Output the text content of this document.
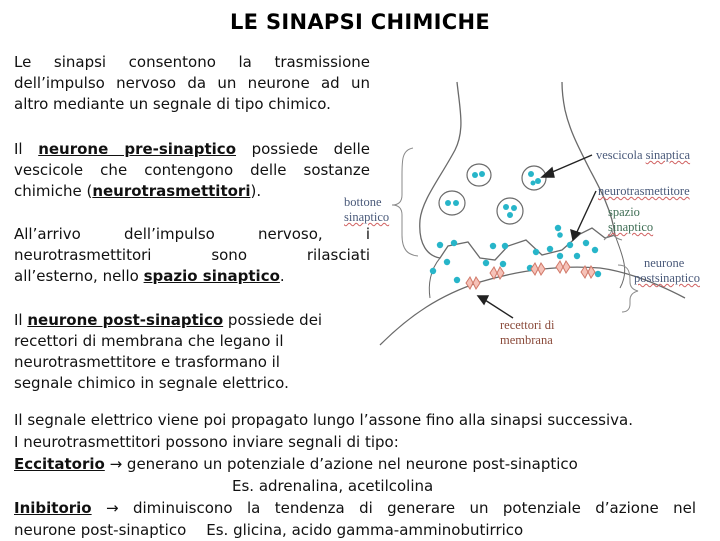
LE SINAPSI CHIMICHE
Le sinapsi consentono la trasmissione
dell’impulso nervoso da un neurone ad un
altro mediante un segnale di tipo chimico.
Il neurone pre-sinaptico possiede delle
vescicole che contengono delle sostanze
chimiche (neurotrasmettitori).
All’arrivo dell’impulso nervoso, i
neurotrasmettitori sono rilasciati
all’esterno, nello spazio sinaptico.
Il neurone post-sinaptico possiede dei
recettori di membrana che legano il
neurotrasmettitore e trasformano il
segnale chimico in segnale elettrico.
Il segnale elettrico viene poi propagato lungo l’assone fino alla sinapsi successiva.
I neurotrasmettitori possono inviare segnali di tipo:
Eccitatorio → generano un potenziale d’azione nel neurone post-sinaptico
Es. adrenalina, acetilcolina
Inibitorio → diminuiscono la tendenza di generare un potenziale d’azione nel
neurone post-sinaptico Es. glicina, acido gamma-amminobutirrico
bottone
sinaptico
vescicola sinaptica
neurotrasmettitore
spazio
sinaptico
neurone
postsinaptico
recettori di
membrana
